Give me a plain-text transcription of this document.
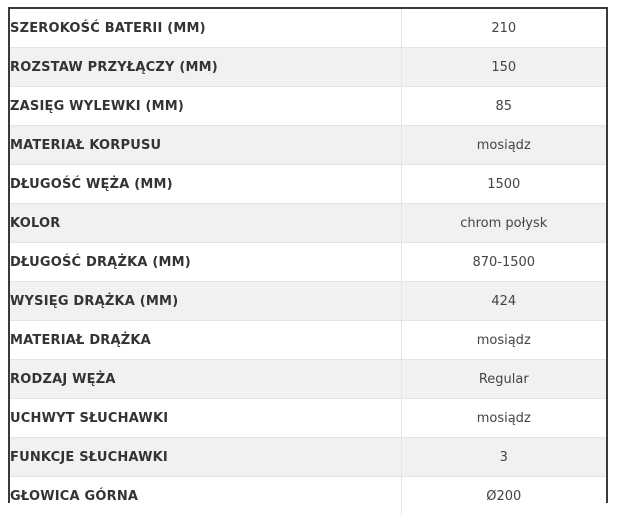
SZEROKOŚĆ BATERII (MM)	210
ROZSTAW PRZYŁĄCZY (MM)	150
ZASIĘG WYLEWKI (MM)	85
MATERIAŁ KORPUSU	mosiądz
DŁUGOŚĆ WĘŻA (MM)	1500
KOLOR	chrom połysk
DŁUGOŚĆ DRĄŻKA (MM)	870-1500
WYSIĘG DRĄŻKA (MM)	424
MATERIAŁ DRĄŻKA	mosiądz
RODZAJ WĘŻA	Regular
UCHWYT SŁUCHAWKI	mosiądz
FUNKCJE SŁUCHAWKI	3
GŁOWICA GÓRNA	Ø200
